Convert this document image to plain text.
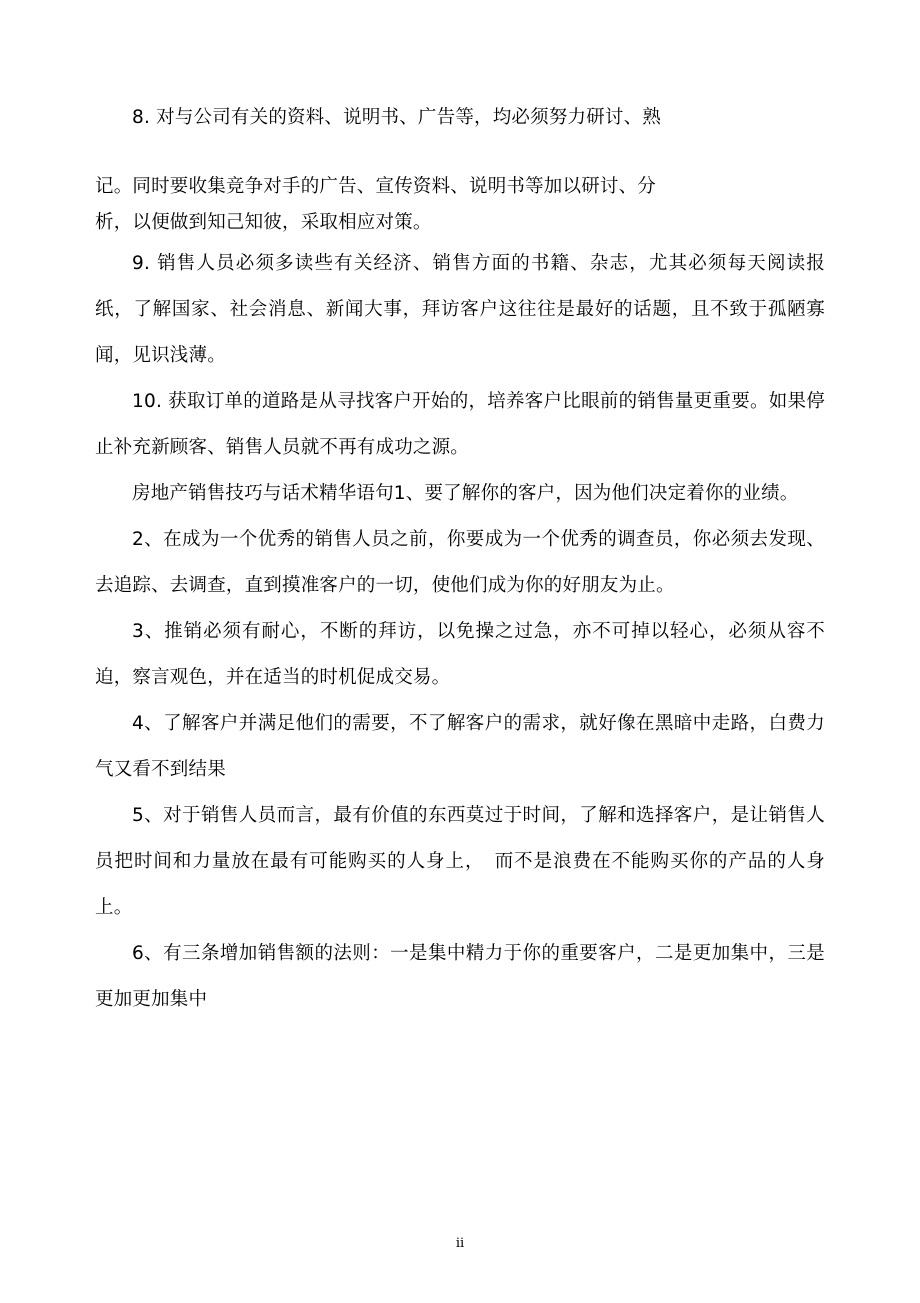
8. 对与公司有关的资料、说明书、广告等，均必须努力研讨、熟

记。同时要收集竞争对手的广告、宣传资料、说明书等加以研讨、分

析，以便做到知己知彼，采取相应对策。

9. 销售人员必须多读些有关经济、销售方面的书籍、杂志，尤其必须每天阅读报纸，了解国家、社会消息、新闻大事，拜访客户这往往是最好的话题，且不致于孤陋寡闻，见识浅薄。

10. 获取订单的道路是从寻找客户开始的，培养客户比眼前的销售量更重要。如果停止补充新顾客、销售人员就不再有成功之源。

房地产销售技巧与话术精华语句1、要了解你的客户，因为他们决定着你的业绩。

2、在成为一个优秀的销售人员之前，你要成为一个优秀的调查员，你必须去发现、去追踪、去调查，直到摸准客户的一切，使他们成为你的好朋友为止。

3、推销必须有耐心，不断的拜访，以免操之过急，亦不可掉以轻心，必须从容不迫，察言观色，并在适当的时机促成交易。

4、了解客户并满足他们的需要，不了解客户的需求，就好像在黑暗中走路，白费力气又看不到结果

5、对于销售人员而言，最有价值的东西莫过于时间，了解和选择客户，是让销售人员把时间和力量放在最有可能购买的人身上，　而不是浪费在不能购买你的产品的人身上。

6、有三条增加销售额的法则：一是集中精力于你的重要客户，二是更加集中，三是更加更加集中

ii
